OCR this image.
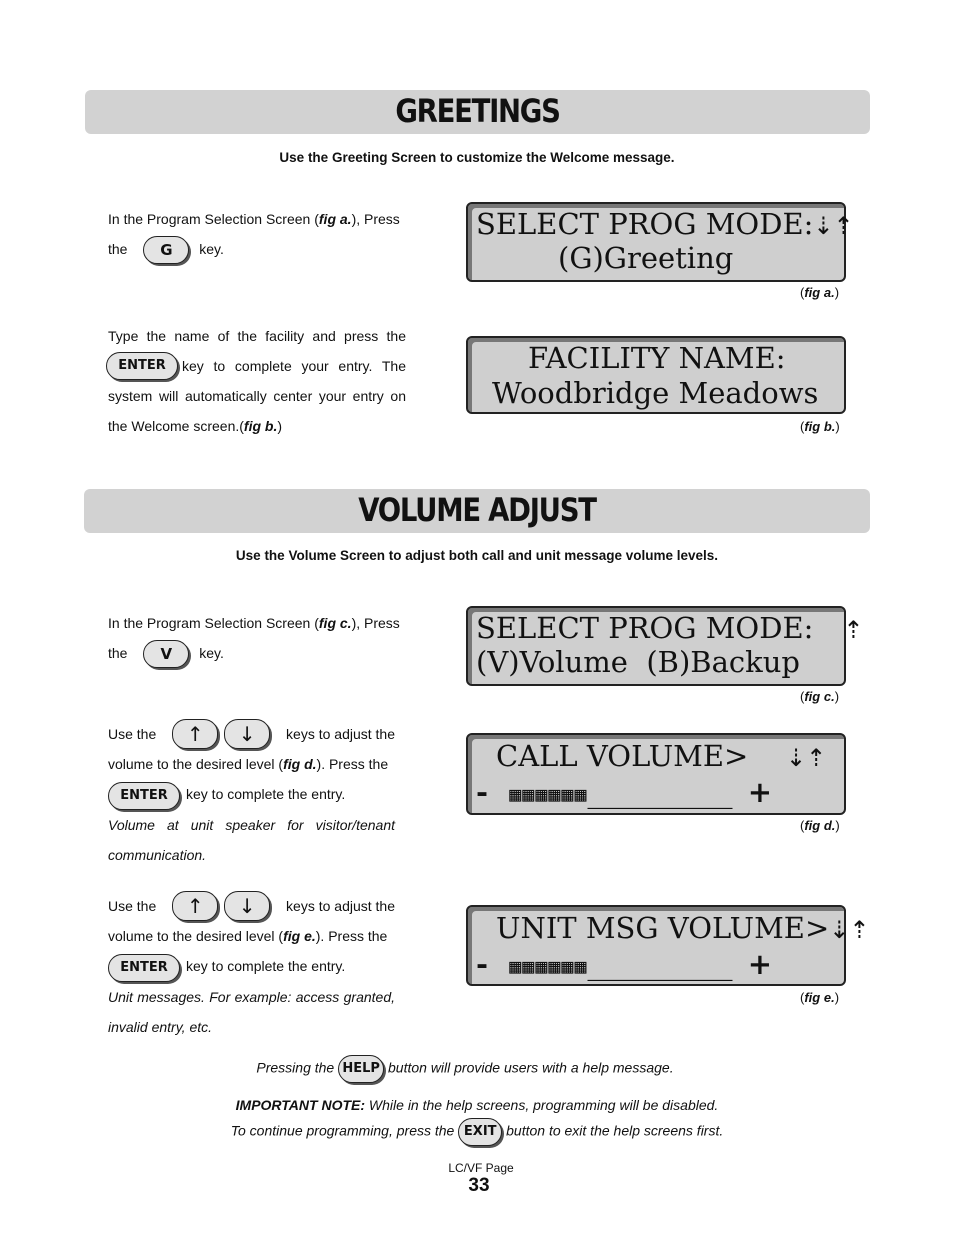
GREETINGS
Use the Greeting Screen to customize the Welcome message.
In the Program Selection Screen (fig a.), Press
the G key.
Type the name of the facility and press the
ENTER	key to complete your entry. The
system will automatically center your entry on
the Welcome screen.(fig b.)
SELECT PROG MODE:⇣⇡
(G)Greeting
(fig a.)
FACILITY NAME:
Woodbridge Meadows
(fig b.)
VOLUME ADJUST
Use the Volume Screen to adjust both call and unit message volume levels.
In the Program Selection Screen (fig c.), Press
the V key.
Use the	↑ ↓	keys to adjust the
volume to the desired level (fig d.). Press the
ENTER key to complete the entry.
Volume at unit speaker for visitor/tenant
communication.
Use the	↑ ↓	keys to adjust the
volume to the desired level (fig e.). Press the
ENTER key to complete the entry.
Unit messages. For example: access granted,
invalid entry, etc.
SELECT PROG MODE: ⇡
(V)Volume  (B)Backup
(fig c.)
CALL VOLUME> ⇣⇡
- ▦▦▦▦▦▦__________ +
(fig d.)
UNIT MSG VOLUME>⇣⇡
- ▦▦▦▦▦▦__________ +
(fig e.)
Pressing the HELP button will provide users with a help message.
IMPORTANT NOTE: While in the help screens, programming will be disabled.
To continue programming, press the EXIT button to exit the help screens first.
LC/VF Page
33
